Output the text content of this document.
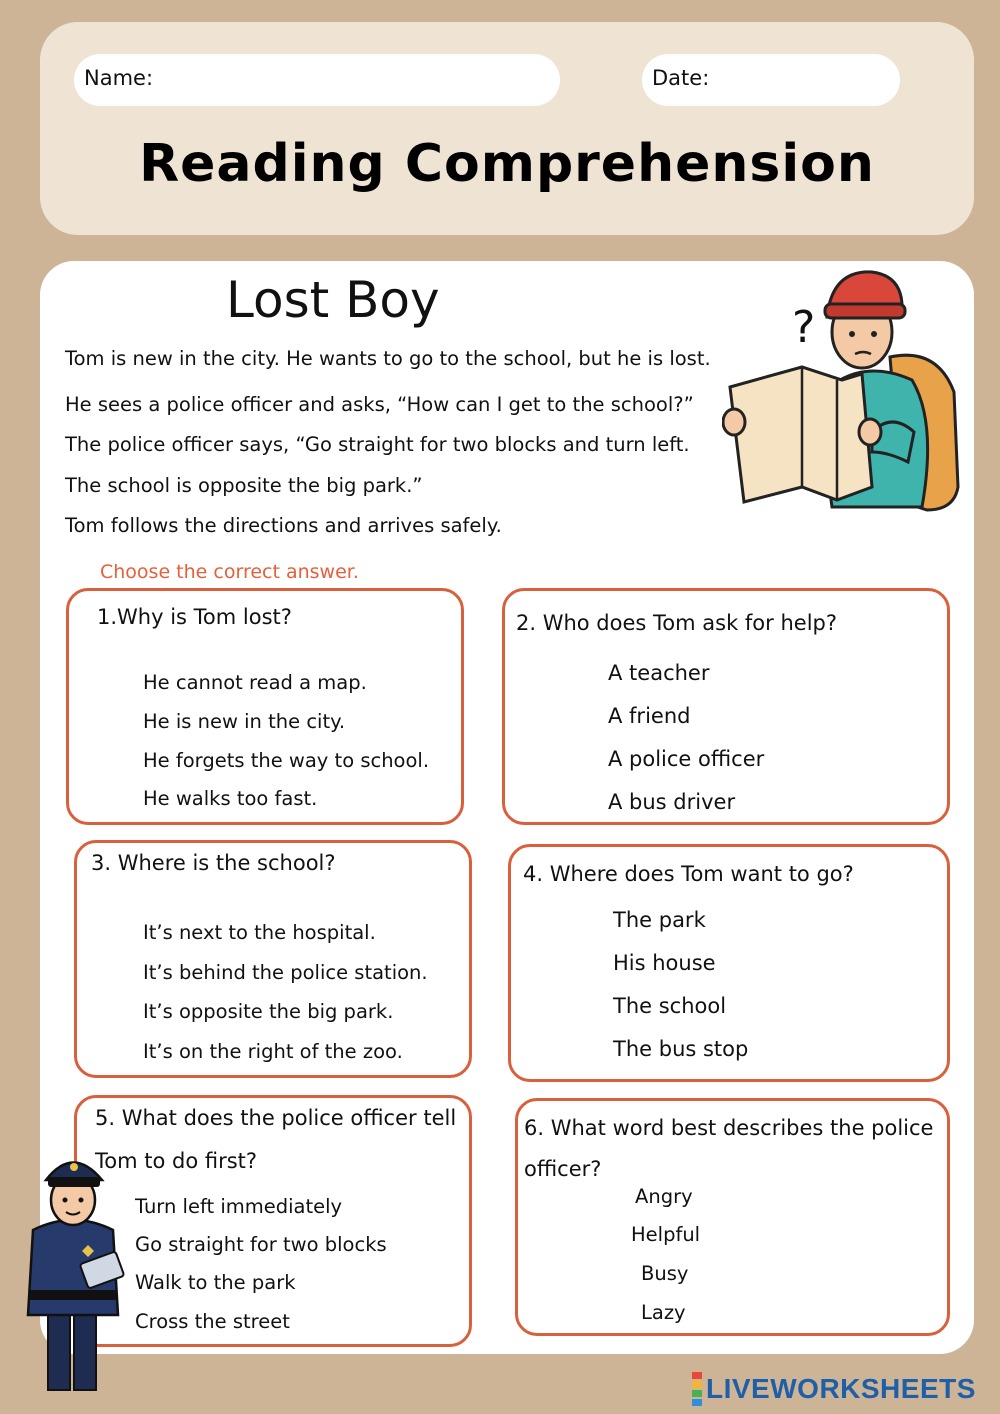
Name:	Date:
Reading Comprehension
Lost Boy
Tom is new in the city. He wants to go to the school, but he is lost.
He sees a police officer and asks, “How can I get to the school?”
The police officer says, “Go straight for two blocks and turn left.
The school is opposite the big park.”
Tom follows the directions and arrives safely.
Choose the correct answer.
1.Why is Tom lost?
He cannot read a map.
He is new in the city.
He forgets the way to school.
He walks too fast.
2. Who does Tom ask for help?
A teacher
A friend
A police officer
A bus driver
3. Where is the school?
It’s next to the hospital.
It’s behind the police station.
It’s opposite the big park.
It’s on the right of the zoo.
4. Where does Tom want to go?
The park
His house
The school
The bus stop
5. What does the police officer tell
Tom to do first?
Turn left immediately
Go straight for two blocks
Walk to the park
Cross the street
6. What word best describes the police
officer?
Angry
Helpful
Busy
Lazy
?
LIVEWORKSHEETS
